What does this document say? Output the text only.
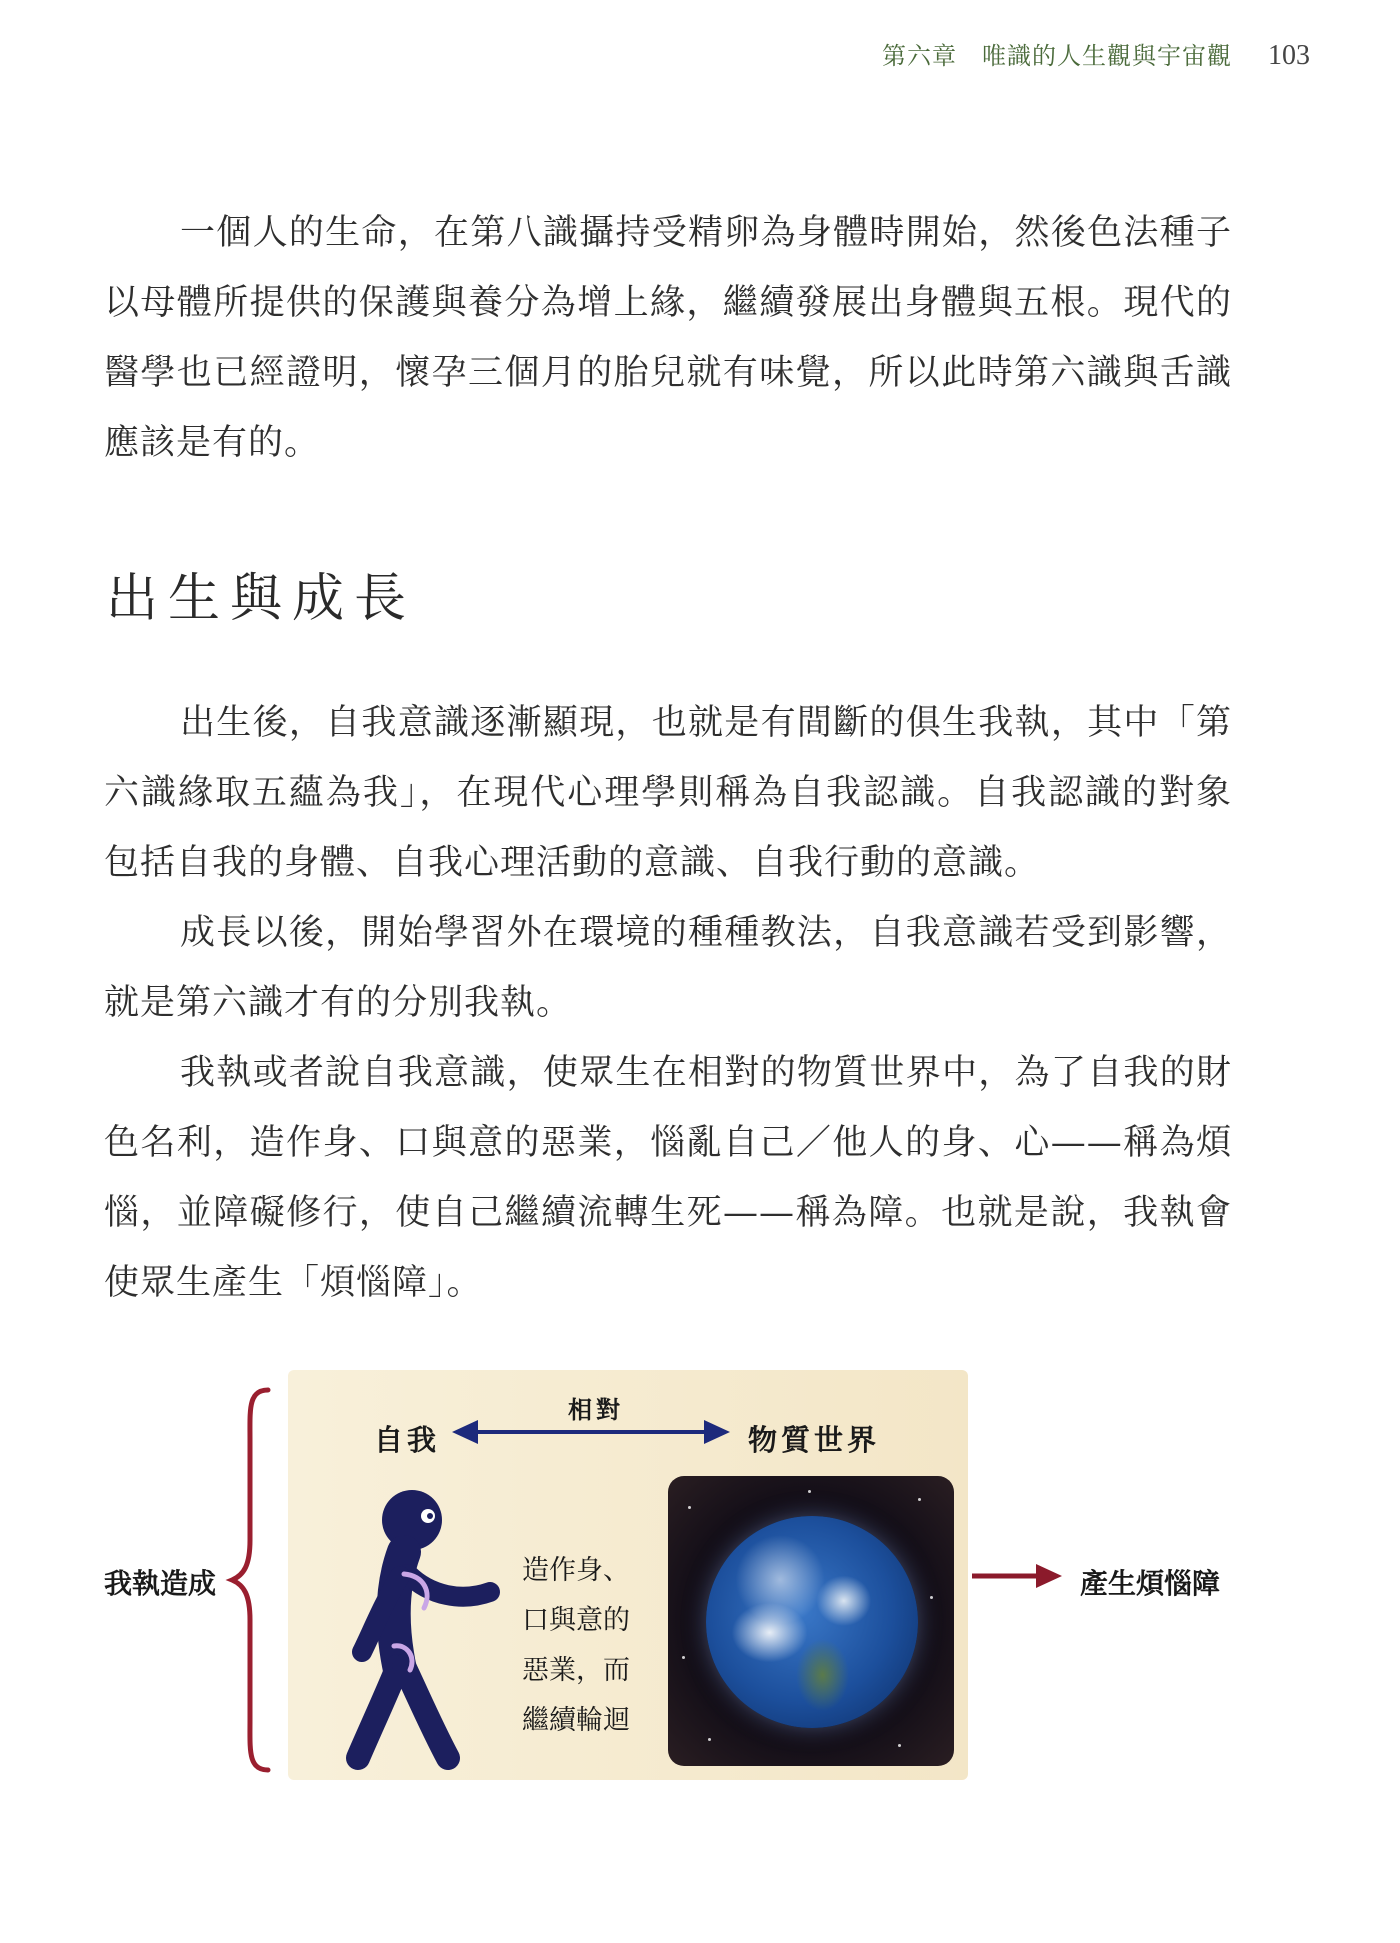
第六章　唯識的人生觀與宇宙觀 103

一個人的生命，在第八識攝持受精卵為身體時開始，然後色法種子以母體所提供的保護與養分為增上緣，繼續發展出身體與五根。現代的醫學也已經證明，懷孕三個月的胎兒就有味覺，所以此時第六識與舌識應該是有的。

出生與成長

出生後，自我意識逐漸顯現，也就是有間斷的俱生我執，其中「第六識緣取五蘊為我」，在現代心理學則稱為自我認識。自我認識的對象包括自我的身體、自我心理活動的意識、自我行動的意識。

成長以後，開始學習外在環境的種種教法，自我意識若受到影響，就是第六識才有的分別我執。

我執或者說自我意識，使眾生在相對的物質世界中，為了自我的財色名利，造作身、口與意的惡業，惱亂自己／他人的身、心——稱為煩惱，並障礙修行，使自己繼續流轉生死——稱為障。也就是說，我執會使眾生產生「煩惱障」。

自我
相對
物質世界
我執造成	產生煩惱障
造作身、
口與意的
惡業，而
繼續輪迴
